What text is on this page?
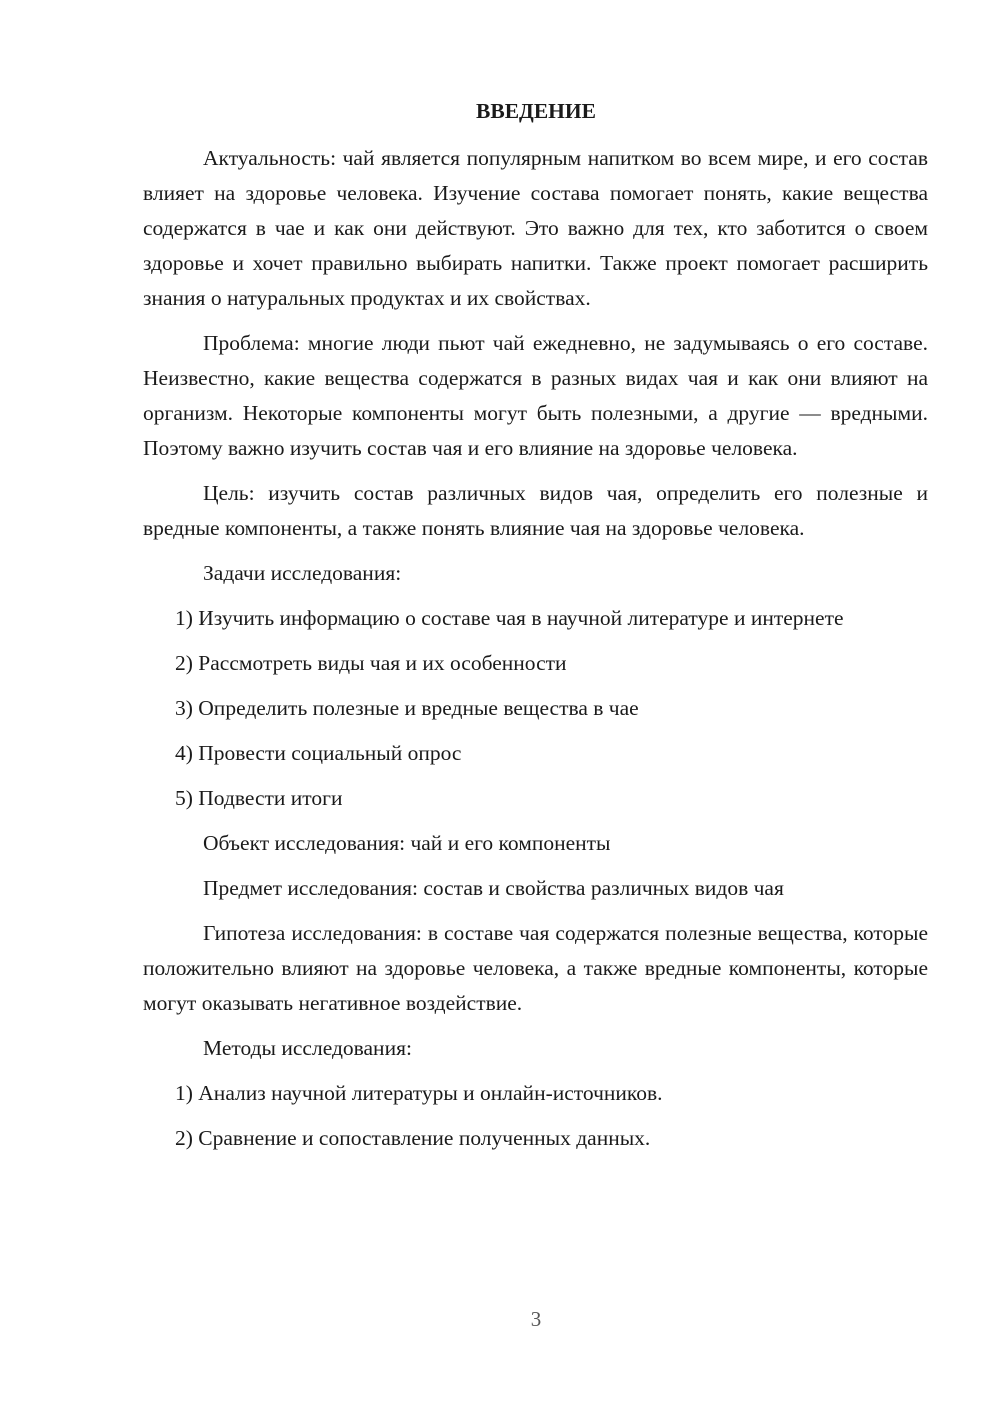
ВВЕДЕНИЕ

Актуальность: чай является популярным напитком во всем мире, и его состав влияет на здоровье человека. Изучение состава помогает понять, какие вещества содержатся в чае и как они действуют. Это важно для тех, кто заботится о своем здоровье и хочет правильно выбирать напитки. Также проект помогает расширить знания о натуральных продуктах и их свойствах.

Проблема: многие люди пьют чай ежедневно, не задумываясь о его составе. Неизвестно, какие вещества содержатся в разных видах чая и как они влияют на организм. Некоторые компоненты могут быть полезными, а другие — вредными. Поэтому важно изучить состав чая и его влияние на здоровье человека.

Цель: изучить состав различных видов чая, определить его полезные и вредные компоненты, а также понять влияние чая на здоровье человека.

Задачи исследования:

1) Изучить информацию о составе чая в научной литературе и интернете

2) Рассмотреть виды чая и их особенности

3) Определить полезные и вредные вещества в чае

4) Провести социальный опрос

5) Подвести итоги

Объект исследования: чай и его компоненты

Предмет исследования: состав и свойства различных видов чая

Гипотеза исследования: в составе чая содержатся полезные вещества, которые положительно влияют на здоровье человека, а также вредные компоненты, которые могут оказывать негативное воздействие.

Методы исследования:

1) Анализ научной литературы и онлайн-источников.

2) Сравнение и сопоставление полученных данных.

3
